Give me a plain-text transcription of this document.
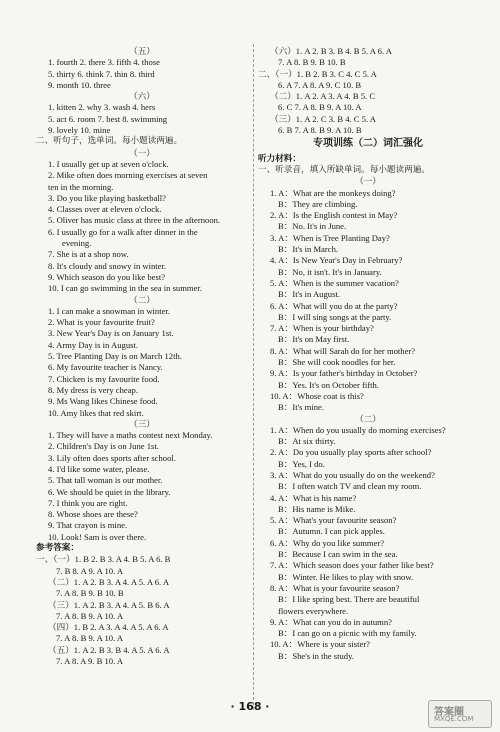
（五）
1. fourth 2. there 3. fifth 4. those
5. thirty 6. think 7. thin 8. third
9. month 10. three
（六）
1. kitten 2. why 3. wash 4. hers
5. act 6. room 7. best 8. swimming
9. lovely 10. mine
二、听句子，选单词。每小题读两遍。
（一）
1. I usually get up at seven o'clock.
2. Mike often does morning exercises at seven
ten in the morning.
3. Do you like playing basketball?
4. Classes over at eleven o'clock.
5. Oliver has music class at three in the afternoon.
6. I usually go for a walk after dinner in the
evening.
7. She is at a shop now.
8. It's cloudy and snowy in winter.
9. Which season do you like best?
10. I can go swimming in the sea in summer.
（二）
1. I can make a snowman in winter.
2. What is your favourite fruit?
3. New Year's Day is on January 1st.
4. Army Day is in August.
5. Tree Planting Day is on March 12th.
6. My favourite teacher is Nancy.
7. Chicken is my favourite food.
8. My dress is very cheap.
9. Ms Wang likes Chinese food.
10. Amy likes that red skirt.
（三）
1. They will have a maths contest next Monday.
2. Children's Day is on June 1st.
3. Lily often does sports after school.
4. I'd like some water, please.
5. That tall woman is our mother.
6. We should be quiet in the library.
7. I think you are right.
8. Whose shoes are these?
9. That crayon is mine.
10. Look! Sam is over there.
参考答案：
一、（一）1. B 2. B 3. A 4. B 5. A 6. B
7. B 8. A 9. A 10. A
（二）1. A 2. B 3. A 4. A 5. A 6. A
7. A 8. B 9. B 10. B
（三）1. A 2. B 3. A 4. A 5. B 6. A
7. A 8. B 9. A 10. A
（四）1. B 2. A 3. A 4. A 5. A 6. A
7. A 8. B 9. A 10. A
（五）1. A 2. B 3. B 4. A 5. A 6. A
7. A 8. A 9. B 10. A
（六）1. A 2. B 3. B 4. B 5. A 6. A
7. A 8. B 9. B 10. B
二、（一）1. B 2. B 3. C 4. C 5. A
6. A 7. A 8. A 9. C 10. B
（二）1. A 2. A 3. A 4. B 5. C
6. C 7. A 8. B 9. A 10. A
（三）1. A 2. C 3. B 4. C 5. A
6. B 7. A 8. B 9. A 10. B
专项训练（二）词汇强化
听力材料：
一、听录音，填入所缺单词。每小题读两遍。
（一）
1. A：What are the monkeys doing?
B：They are climbing.
2. A：Is the English contest in May?
B：No. It's in June.
3. A：When is Tree Planting Day?
B：It's in March.
4. A：Is New Year's Day in February?
B：No, it isn't. It's in January.
5. A：When is the summer vacation?
B：It's in August.
6. A：What will you do at the party?
B：I will sing songs at the party.
7. A：When is your birthday?
B：It's on May first.
8. A：What will Sarah do for her mother?
B：She will cook noodles for her.
9. A：Is your father's birthday in October?
B：Yes. It's on October fifth.
10. A：Whose coat is this?
B：It's mine.
（二）
1. A：When do you usually do morning exercises?
B：At six thirty.
2. A：Do you usually play sports after school?
B：Yes, I do.
3. A：What do you usually do on the weekend?
B：I often watch TV and clean my room.
4. A：What is his name?
B：His name is Mike.
5. A：What's your favourite season?
B：Autumn. I can pick apples.
6. A：Why do you like summer?
B：Because I can swim in the sea.
7. A：Which season does your father like best?
B：Winter. He likes to play with snow.
8. A：What is your favourite season?
B：I like spring best. There are beautiful
flowers everywhere.
9. A：What can you do in autumn?
B：I can go on a picnic with my family.
10. A：Where is your sister?
B：She's in the study.
· 168 ·	答案圈
MXQE.COM
